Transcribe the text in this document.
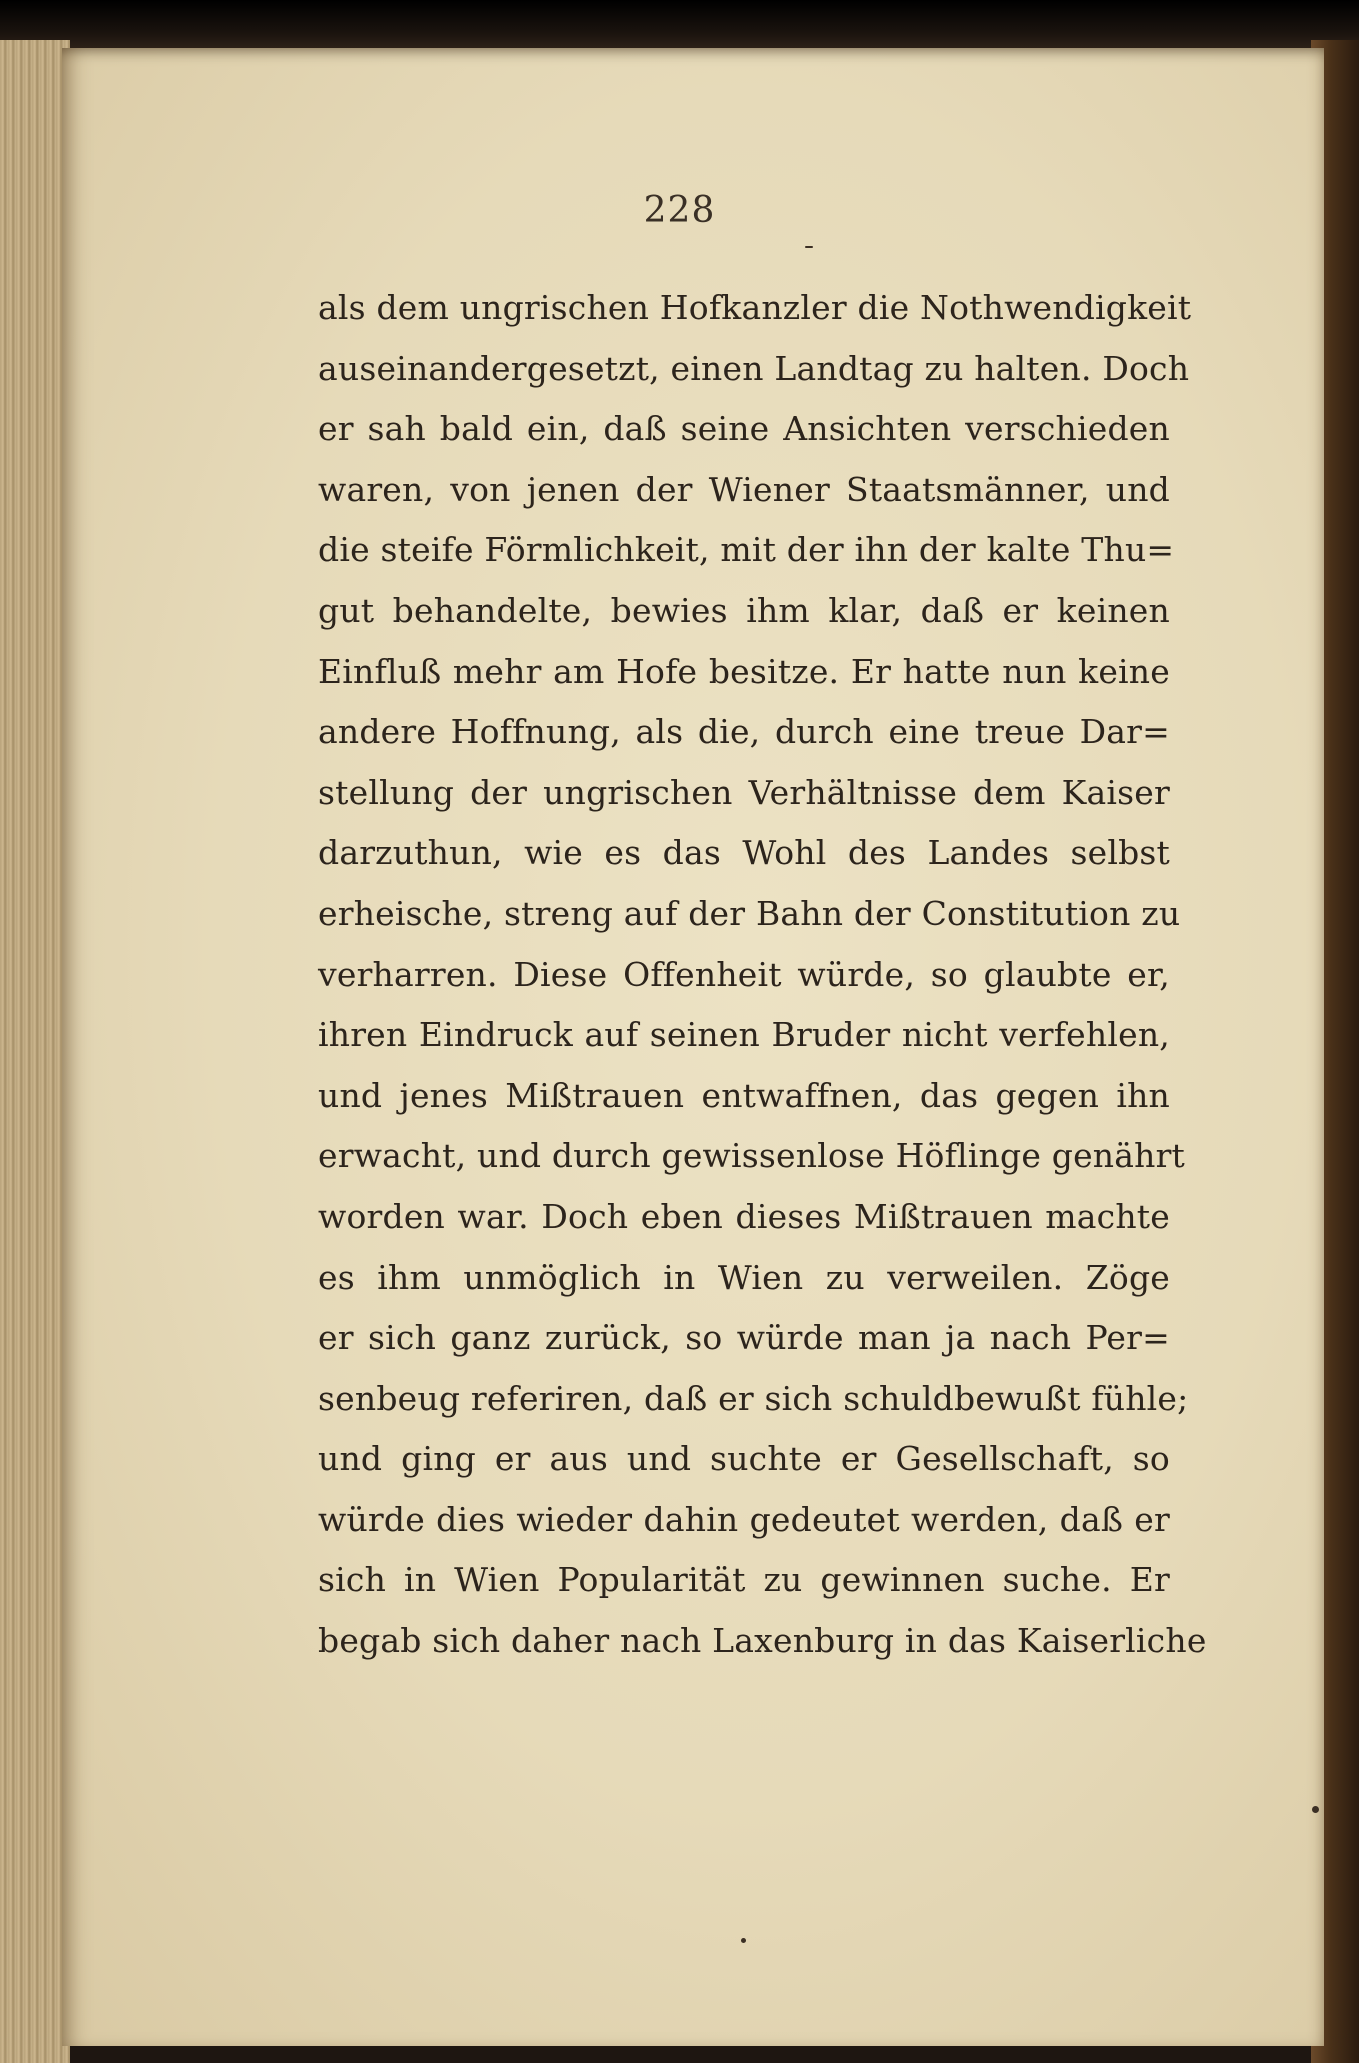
228
als dem ungrischen Hofkanzler die Nothwendigkeit
auseinandergesetzt, einen Landtag zu halten. Doch
er sah bald ein, daß seine Ansichten verschieden
waren, von jenen der Wiener Staatsmänner, und
die steife Förmlichkeit, mit der ihn der kalte Thu=
gut behandelte, bewies ihm klar, daß er keinen
Einfluß mehr am Hofe besitze. Er hatte nun keine
andere Hoffnung, als die, durch eine treue Dar=
stellung der ungrischen Verhältnisse dem Kaiser
darzuthun, wie es das Wohl des Landes selbst
erheische, streng auf der Bahn der Constitution zu
verharren. Diese Offenheit würde, so glaubte er,
ihren Eindruck auf seinen Bruder nicht verfehlen,
und jenes Mißtrauen entwaffnen, das gegen ihn
erwacht, und durch gewissenlose Höflinge genährt
worden war. Doch eben dieses Mißtrauen machte
es ihm unmöglich in Wien zu verweilen. Zöge
er sich ganz zurück, so würde man ja nach Per=
senbeug referiren, daß er sich schuldbewußt fühle;
und ging er aus und suchte er Gesellschaft, so
würde dies wieder dahin gedeutet werden, daß er
sich in Wien Popularität zu gewinnen suche. Er
begab sich daher nach Laxenburg in das Kaiserliche
